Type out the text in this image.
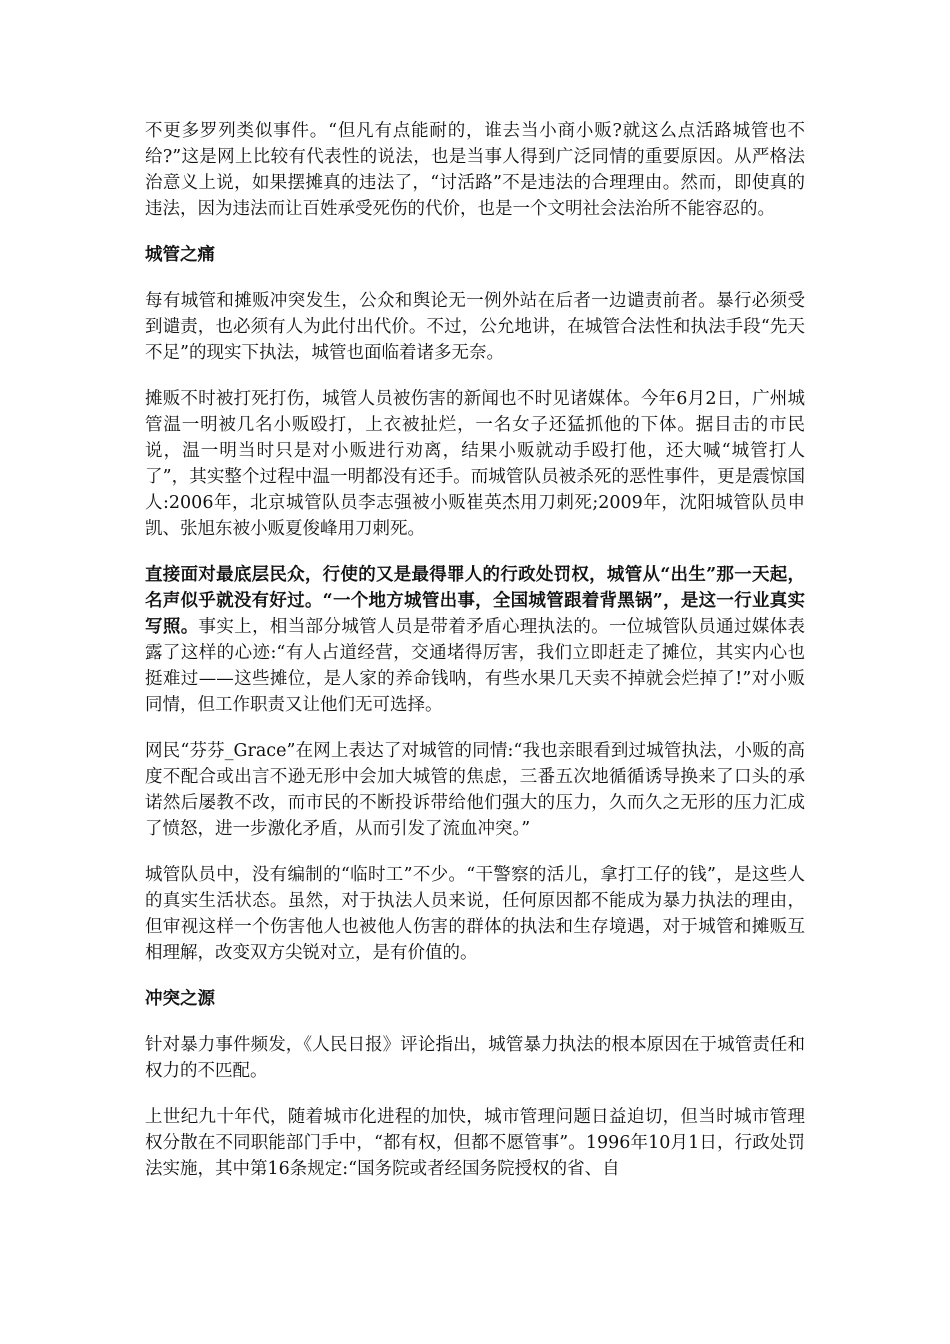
不更多罗列类似事件。“但凡有点能耐的，谁去当小商小贩?就这么点活路城管也不给?”这是网上比较有代表性的说法，也是当事人得到广泛同情的重要原因。从严格法治意义上说，如果摆摊真的违法了，“讨活路”不是违法的合理理由。然而，即使真的违法，因为违法而让百姓承受死伤的代价，也是一个文明社会法治所不能容忍的。

城管之痛

每有城管和摊贩冲突发生，公众和舆论无一例外站在后者一边谴责前者。暴行必须受到谴责，也必须有人为此付出代价。不过，公允地讲，在城管合法性和执法手段“先天不足”的现实下执法，城管也面临着诸多无奈。

摊贩不时被打死打伤，城管人员被伤害的新闻也不时见诸媒体。今年6月2日，广州城管温一明被几名小贩殴打，上衣被扯烂，一名女子还猛抓他的下体。据目击的市民说，温一明当时只是对小贩进行劝离，结果小贩就动手殴打他，还大喊“城管打人了”，其实整个过程中温一明都没有还手。而城管队员被杀死的恶性事件，更是震惊国人:2006年，北京城管队员李志强被小贩崔英杰用刀刺死;2009年，沈阳城管队员申凯、张旭东被小贩夏俊峰用刀刺死。

直接面对最底层民众，行使的又是最得罪人的行政处罚权，城管从“出生”那一天起，名声似乎就没有好过。“一个地方城管出事，全国城管跟着背黑锅”，是这一行业真实写照。事实上，相当部分城管人员是带着矛盾心理执法的。一位城管队员通过媒体表露了这样的心迹:“有人占道经营，交通堵得厉害，我们立即赶走了摊位，其实内心也挺难过——这些摊位，是人家的养命钱呐，有些水果几天卖不掉就会烂掉了!”对小贩同情，但工作职责又让他们无可选择。

网民“芬芬_Grace”在网上表达了对城管的同情:“我也亲眼看到过城管执法，小贩的高度不配合或出言不逊无形中会加大城管的焦虑，三番五次地循循诱导换来了口头的承诺然后屡教不改，而市民的不断投诉带给他们强大的压力，久而久之无形的压力汇成了愤怒，进一步激化矛盾，从而引发了流血冲突。”

城管队员中，没有编制的“临时工”不少。“干警察的活儿，拿打工仔的钱”，是这些人的真实生活状态。虽然，对于执法人员来说，任何原因都不能成为暴力执法的理由，但审视这样一个伤害他人也被他人伤害的群体的执法和生存境遇，对于城管和摊贩互相理解，改变双方尖锐对立，是有价值的。

冲突之源

针对暴力事件频发，《人民日报》评论指出，城管暴力执法的根本原因在于城管责任和权力的不匹配。

上世纪九十年代，随着城市化进程的加快，城市管理问题日益迫切，但当时城市管理权分散在不同职能部门手中，“都有权，但都不愿管事”。1996年10月1日，行政处罚法实施，其中第16条规定:“国务院或者经国务院授权的省、自
